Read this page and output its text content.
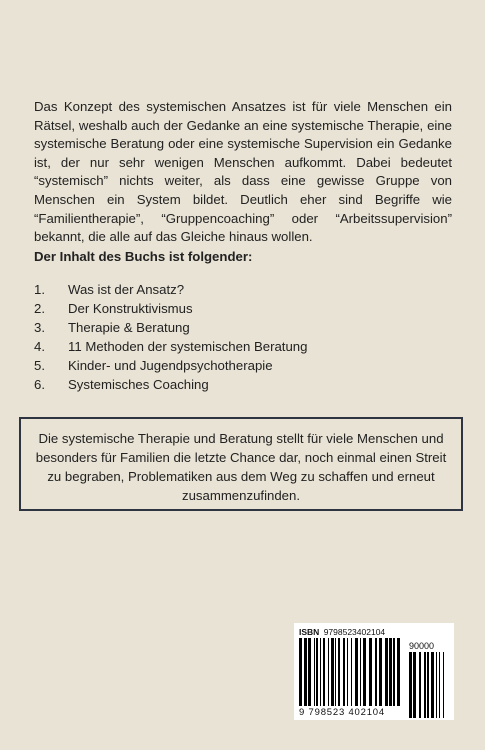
Das Konzept des systemischen Ansatzes ist für viele Menschen ein Rätsel, weshalb auch der Gedanke an eine systemische Therapie, eine systemische Beratung oder eine systemische Supervision ein Gedanke ist, der nur sehr wenigen Menschen aufkommt. Dabei bedeutet “systemisch” nichts weiter, als dass eine gewisse Gruppe von Menschen ein System bildet. Deutlich eher sind Begriffe wie “Familientherapie”, “Gruppencoaching” oder “Arbeitssupervision” bekannt, die alle auf das Gleiche hinaus wollen.

Der Inhalt des Buchs ist folgender:

1.	Was ist der Ansatz?
2.	Der Konstruktivismus
3.	Therapie & Beratung
4.	11 Methoden der systemischen Beratung
5.	Kinder- und Jugendpsychotherapie
6.	Systemisches Coaching
Die systemische Therapie und Beratung stellt für viele Menschen und besonders für Familien die letzte Chance dar, noch einmal einen Streit zu begraben, Problematiken aus dem Weg zu schaffen und erneut zusammenzufinden.
ISBN 9798523402104
9 798523 402104
90000
